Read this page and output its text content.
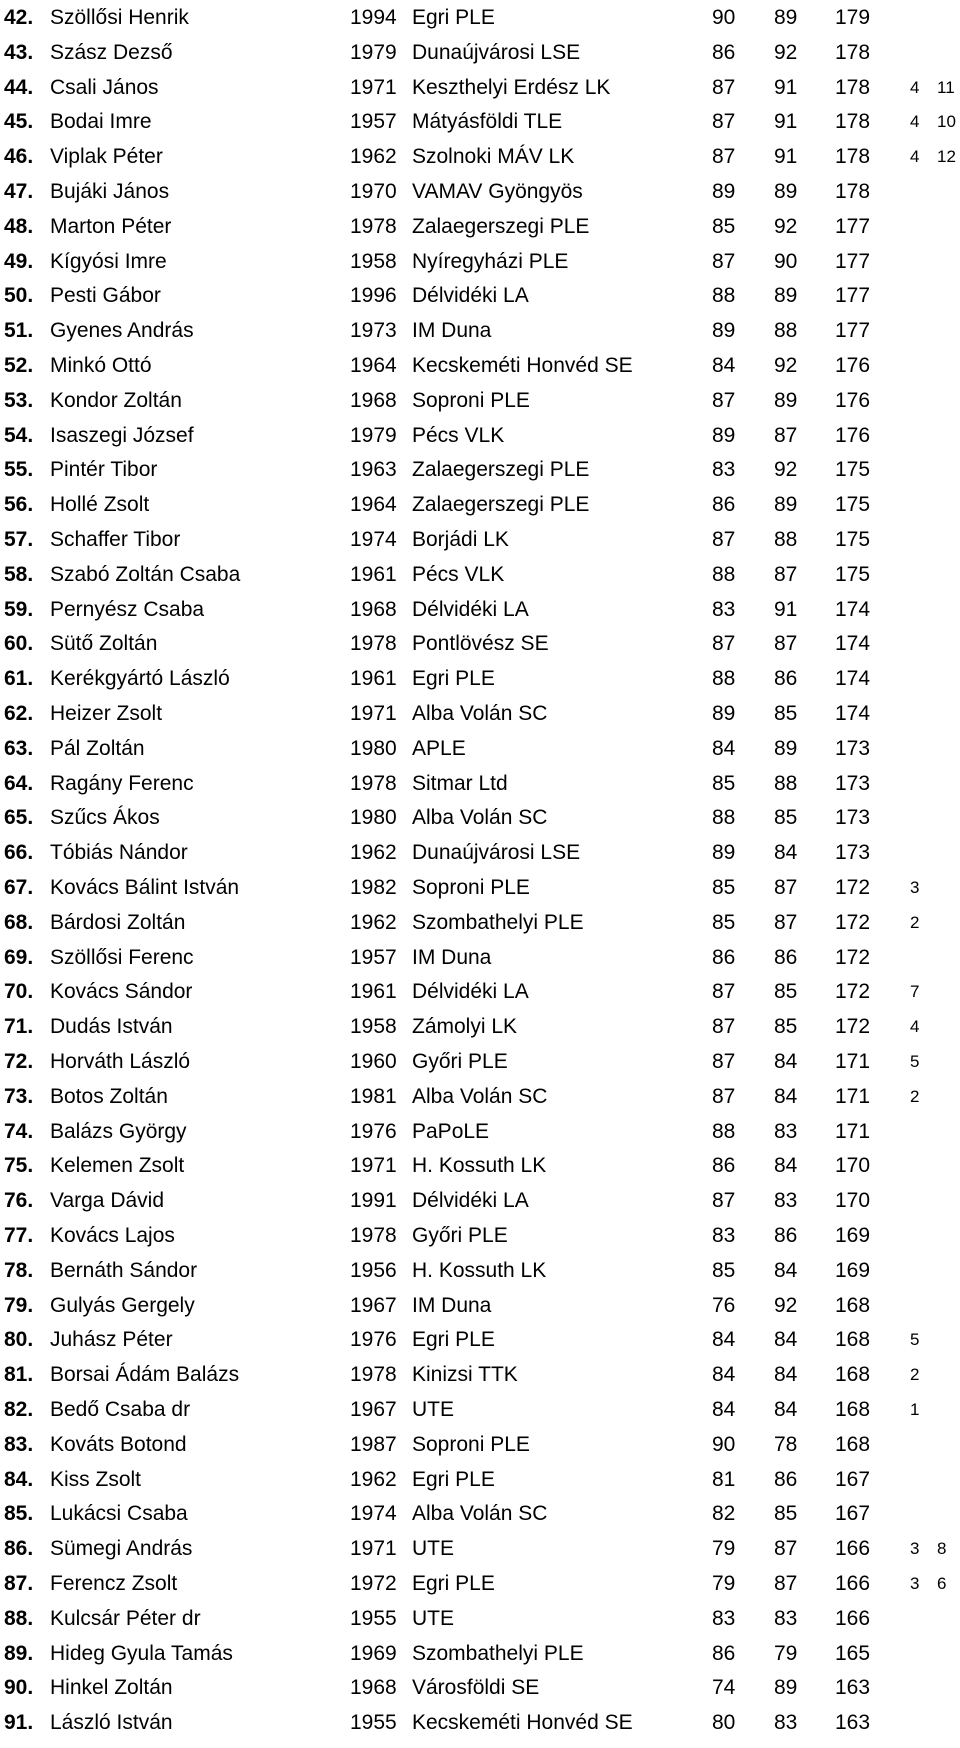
42. Szöllősi Henrik	1994 Egri PLE	90 89 179
43. Szász Dezső	1979 Dunaújvárosi LSE	86 92 178
44. Csali János	1971 Keszthelyi Erdész LK	87 91 178 4 11
45. Bodai Imre	1957 Mátyásföldi TLE	87 91 178 4 10
46. Viplak Péter	1962 Szolnoki MÁV LK	87 91 178 4 12
47. Bujáki János	1970 VAMAV Gyöngyös	89 89 178
48. Marton Péter	1978 Zalaegerszegi PLE	85 92 177
49. Kígyósi Imre	1958 Nyíregyházi PLE	87 90 177
50. Pesti Gábor	1996 Délvidéki LA	88 89 177
51. Gyenes András	1973 IM Duna	89 88 177
52. Minkó Ottó	1964 Kecskeméti Honvéd SE	84 92 176
53. Kondor Zoltán	1968 Soproni PLE	87 89 176
54. Isaszegi József	1979 Pécs VLK	89 87 176
55. Pintér Tibor	1963 Zalaegerszegi PLE	83 92 175
56. Hollé Zsolt	1964 Zalaegerszegi PLE	86 89 175
57. Schaffer Tibor	1974 Borjádi LK	87 88 175
58. Szabó Zoltán Csaba	1961 Pécs VLK	88 87 175
59. Pernyész Csaba	1968 Délvidéki LA	83 91 174
60. Sütő Zoltán	1978 Pontlövész SE	87 87 174
61. Kerékgyártó László	1961 Egri PLE	88 86 174
62. Heizer Zsolt	1971 Alba Volán SC	89 85 174
63. Pál Zoltán	1980 APLE	84 89 173
64. Ragány Ferenc	1978 Sitmar Ltd	85 88 173
65. Szűcs Ákos	1980 Alba Volán SC	88 85 173
66. Tóbiás Nándor	1962 Dunaújvárosi LSE	89 84 173
67. Kovács Bálint István	1982 Soproni PLE	85 87 172 3
68. Bárdosi Zoltán	1962 Szombathelyi PLE	85 87 172 2
69. Szöllősi Ferenc	1957 IM Duna	86 86 172
70. Kovács Sándor	1961 Délvidéki LA	87 85 172 7
71. Dudás István	1958 Zámolyi LK	87 85 172 4
72. Horváth László	1960 Győri PLE	87 84 171 5
73. Botos Zoltán	1981 Alba Volán SC	87 84 171 2
74. Balázs György	1976 PaPoLE	88 83 171
75. Kelemen Zsolt	1971 H. Kossuth LK	86 84 170
76. Varga Dávid	1991 Délvidéki LA	87 83 170
77. Kovács Lajos	1978 Győri PLE	83 86 169
78. Bernáth Sándor	1956 H. Kossuth LK	85 84 169
79. Gulyás Gergely	1967 IM Duna	76 92 168
80. Juhász Péter	1976 Egri PLE	84 84 168 5
81. Borsai Ádám Balázs	1978 Kinizsi TTK	84 84 168 2
82. Bedő Csaba dr	1967 UTE	84 84 168 1
83. Kováts Botond	1987 Soproni PLE	90 78 168
84. Kiss Zsolt	1962 Egri PLE	81 86 167
85. Lukácsi Csaba	1974 Alba Volán SC	82 85 167
86. Sümegi András	1971 UTE	79 87 166 3 8
87. Ferencz Zsolt	1972 Egri PLE	79 87 166 3 6
88. Kulcsár Péter dr	1955 UTE	83 83 166
89. Hideg Gyula Tamás	1969 Szombathelyi PLE	86 79 165
90. Hinkel Zoltán	1968 Városföldi SE	74 89 163
91. László István	1955 Kecskeméti Honvéd SE	80 83 163
